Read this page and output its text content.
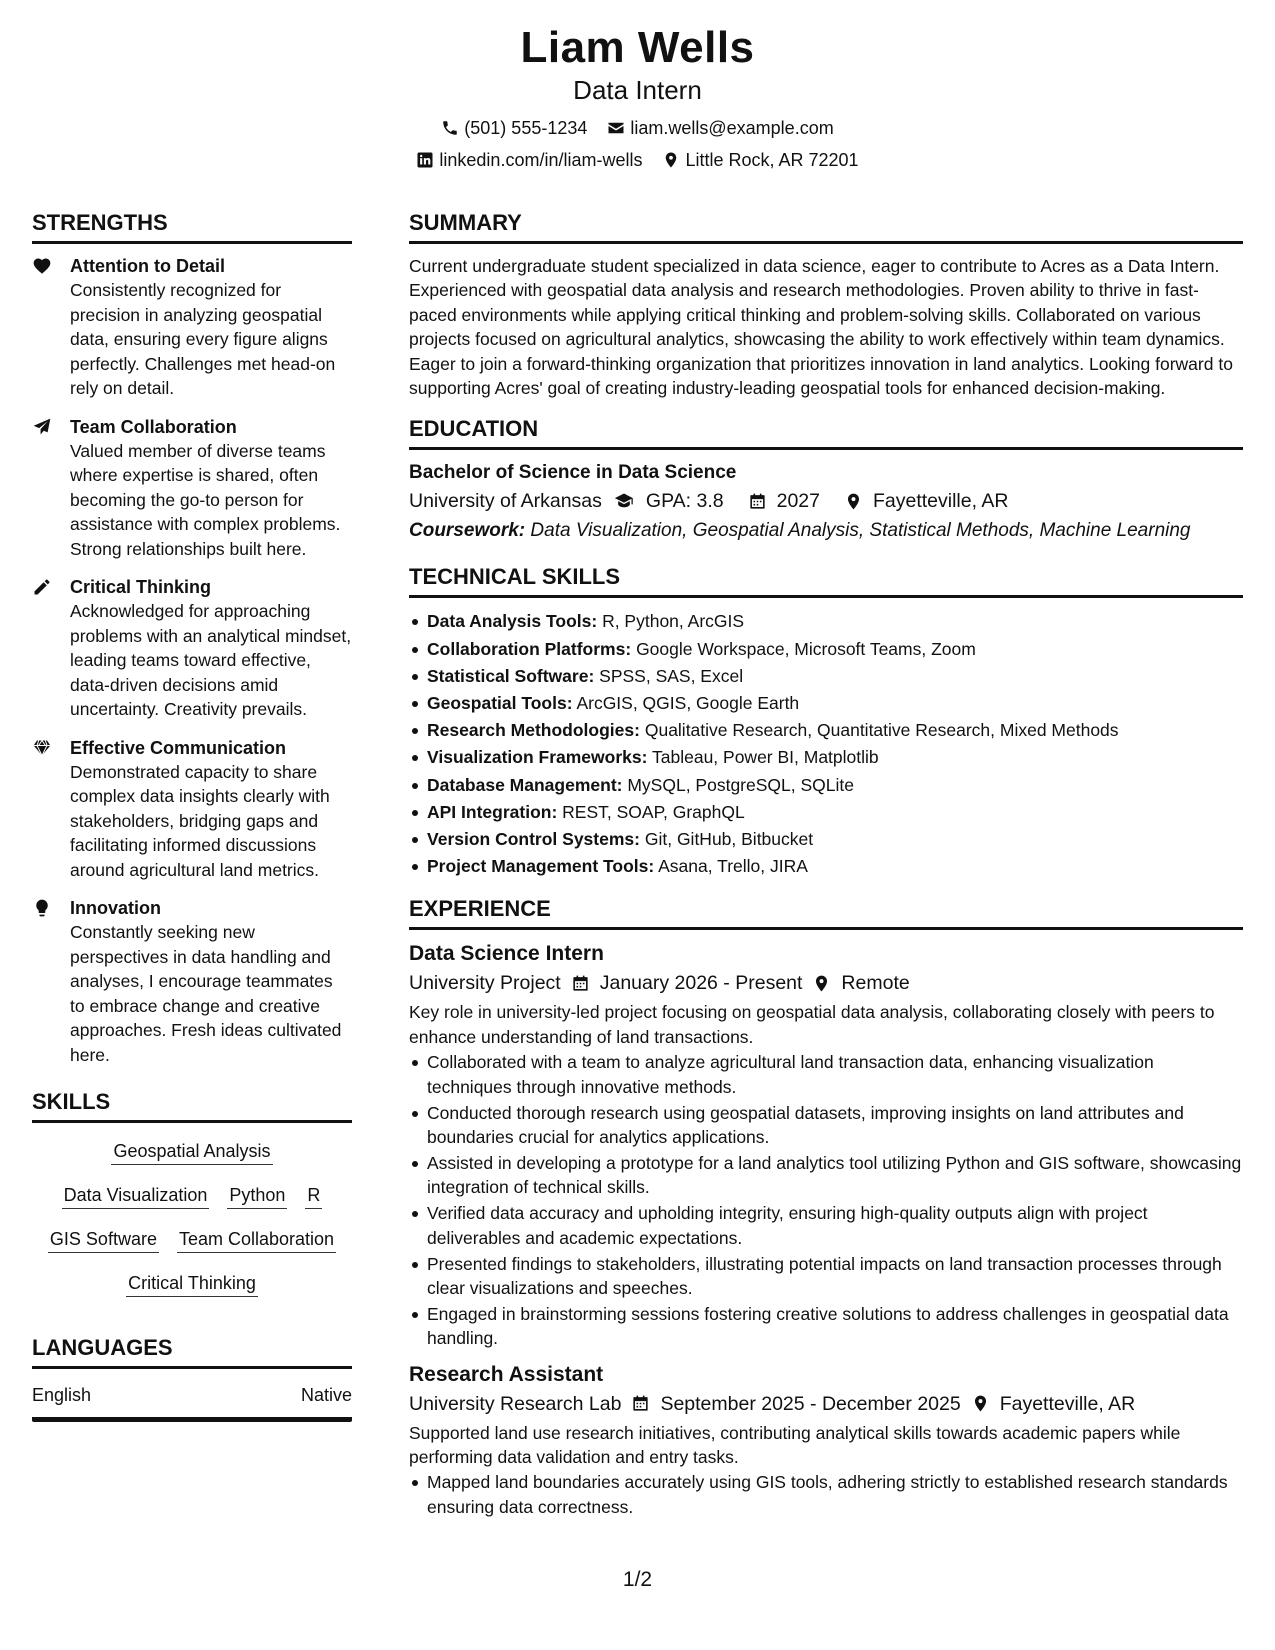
Liam Wells
Data Intern
(501) 555-1234 liam.wells@example.com
linkedin.com/in/liam-wells Little Rock, AR 72201
STRENGTHS
Attention to Detail
Consistently recognized for precision in analyzing geospatial data, ensuring every figure aligns perfectly. Challenges met head-on rely on detail.
Team Collaboration
Valued member of diverse teams where expertise is shared, often becoming the go-to person for assistance with complex problems. Strong relationships built here.
Critical Thinking
Acknowledged for approaching problems with an analytical mindset, leading teams toward effective, data-driven decisions amid uncertainty. Creativity prevails.
Effective Communication
Demonstrated capacity to share complex data insights clearly with stakeholders, bridging gaps and facilitating informed discussions around agricultural land metrics.
Innovation
Constantly seeking new perspectives in data handling and analyses, I encourage teammates to embrace change and creative approaches. Fresh ideas cultivated here.
SKILLS
Geospatial Analysis
Data Visualization Python R
GIS Software Team Collaboration
Critical Thinking
LANGUAGES
English	Native
SUMMARY
Current undergraduate student specialized in data science, eager to contribute to Acres as a Data Intern. Experienced with geospatial data analysis and research methodologies. Proven ability to thrive in fast-paced environments while applying critical thinking and problem-solving skills. Collaborated on various projects focused on agricultural analytics, showcasing the ability to work effectively within team dynamics. Eager to join a forward-thinking organization that prioritizes innovation in land analytics. Looking forward to supporting Acres' goal of creating industry-leading geospatial tools for enhanced decision-making.
EDUCATION
Bachelor of Science in Data Science
University of Arkansas GPA: 3.8	2027	Fayetteville, AR
Coursework: Data Visualization, Geospatial Analysis, Statistical Methods, Machine Learning
TECHNICAL SKILLS
Data Analysis Tools: R, Python, ArcGIS
Collaboration Platforms: Google Workspace, Microsoft Teams, Zoom
Statistical Software: SPSS, SAS, Excel
Geospatial Tools: ArcGIS, QGIS, Google Earth
Research Methodologies: Qualitative Research, Quantitative Research, Mixed Methods
Visualization Frameworks: Tableau, Power BI, Matplotlib
Database Management: MySQL, PostgreSQL, SQLite
API Integration: REST, SOAP, GraphQL
Version Control Systems: Git, GitHub, Bitbucket
Project Management Tools: Asana, Trello, JIRA
EXPERIENCE
Data Science Intern
University Project January 2026 - Present Remote
Key role in university-led project focusing on geospatial data analysis, collaborating closely with peers to enhance understanding of land transactions.
Collaborated with a team to analyze agricultural land transaction data, enhancing visualization techniques through innovative methods.
Conducted thorough research using geospatial datasets, improving insights on land attributes and boundaries crucial for analytics applications.
Assisted in developing a prototype for a land analytics tool utilizing Python and GIS software, showcasing integration of technical skills.
Verified data accuracy and upholding integrity, ensuring high-quality outputs align with project deliverables and academic expectations.
Presented findings to stakeholders, illustrating potential impacts on land transaction processes through clear visualizations and speeches.
Engaged in brainstorming sessions fostering creative solutions to address challenges in geospatial data handling.
Research Assistant
University Research Lab September 2025 - December 2025 Fayetteville, AR
Supported land use research initiatives, contributing analytical skills towards academic papers while performing data validation and entry tasks.
Mapped land boundaries accurately using GIS tools, adhering strictly to established research standards ensuring data correctness.
1/2
